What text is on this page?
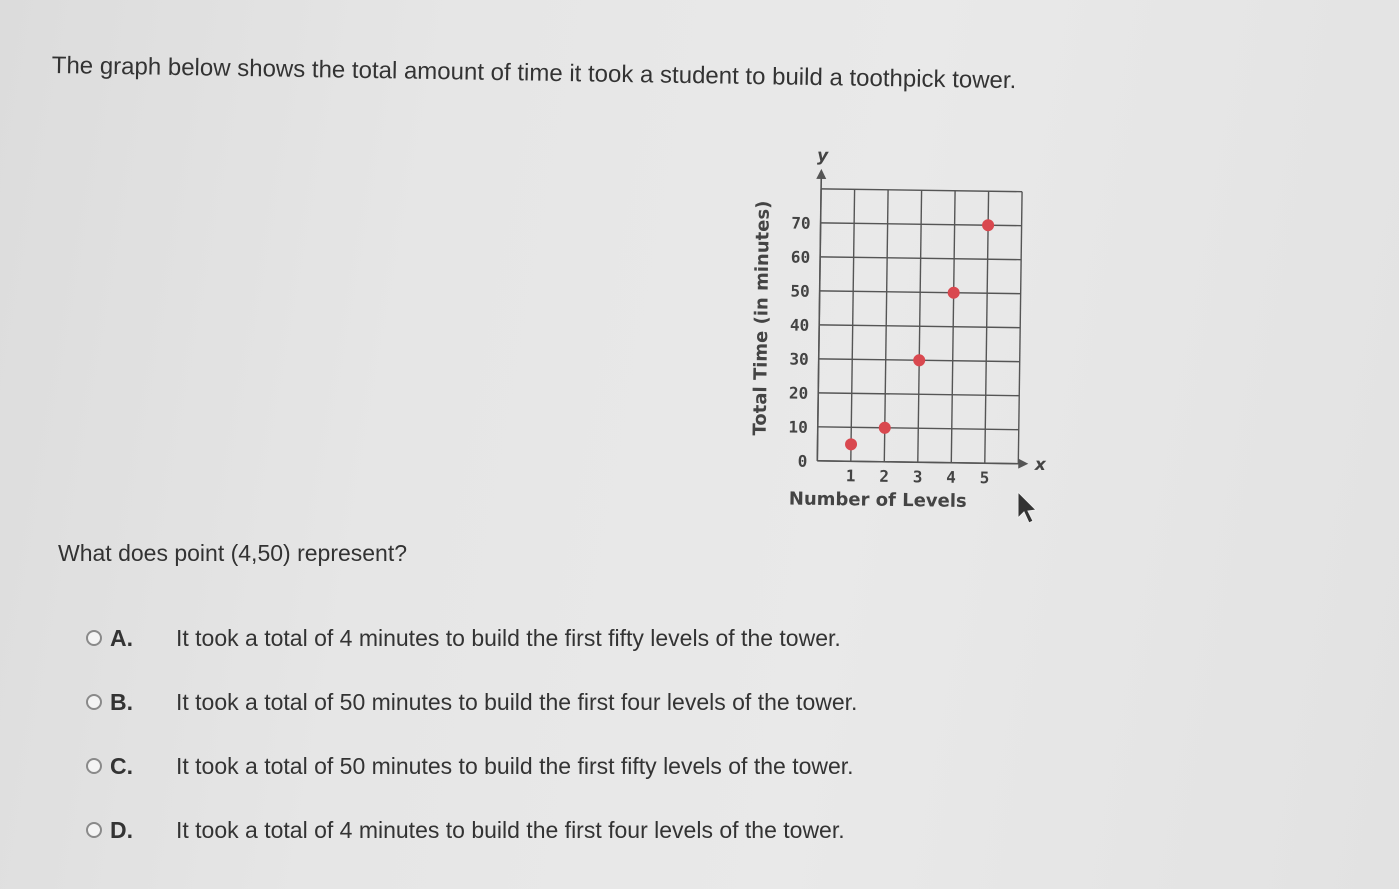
The graph below shows the total amount of time it took a student to build a toothpick tower.
0
10
20
30
40
50
60
70
1 2 3 4 5
y
x
Total Time (in minutes)
Number of Levels
What does point (4,50) represent?
A.	It took a total of 4 minutes to build the first fifty levels of the tower.
B.	It took a total of 50 minutes to build the first four levels of the tower.
C.	It took a total of 50 minutes to build the first fifty levels of the tower.
D.	It took a total of 4 minutes to build the first four levels of the tower.
